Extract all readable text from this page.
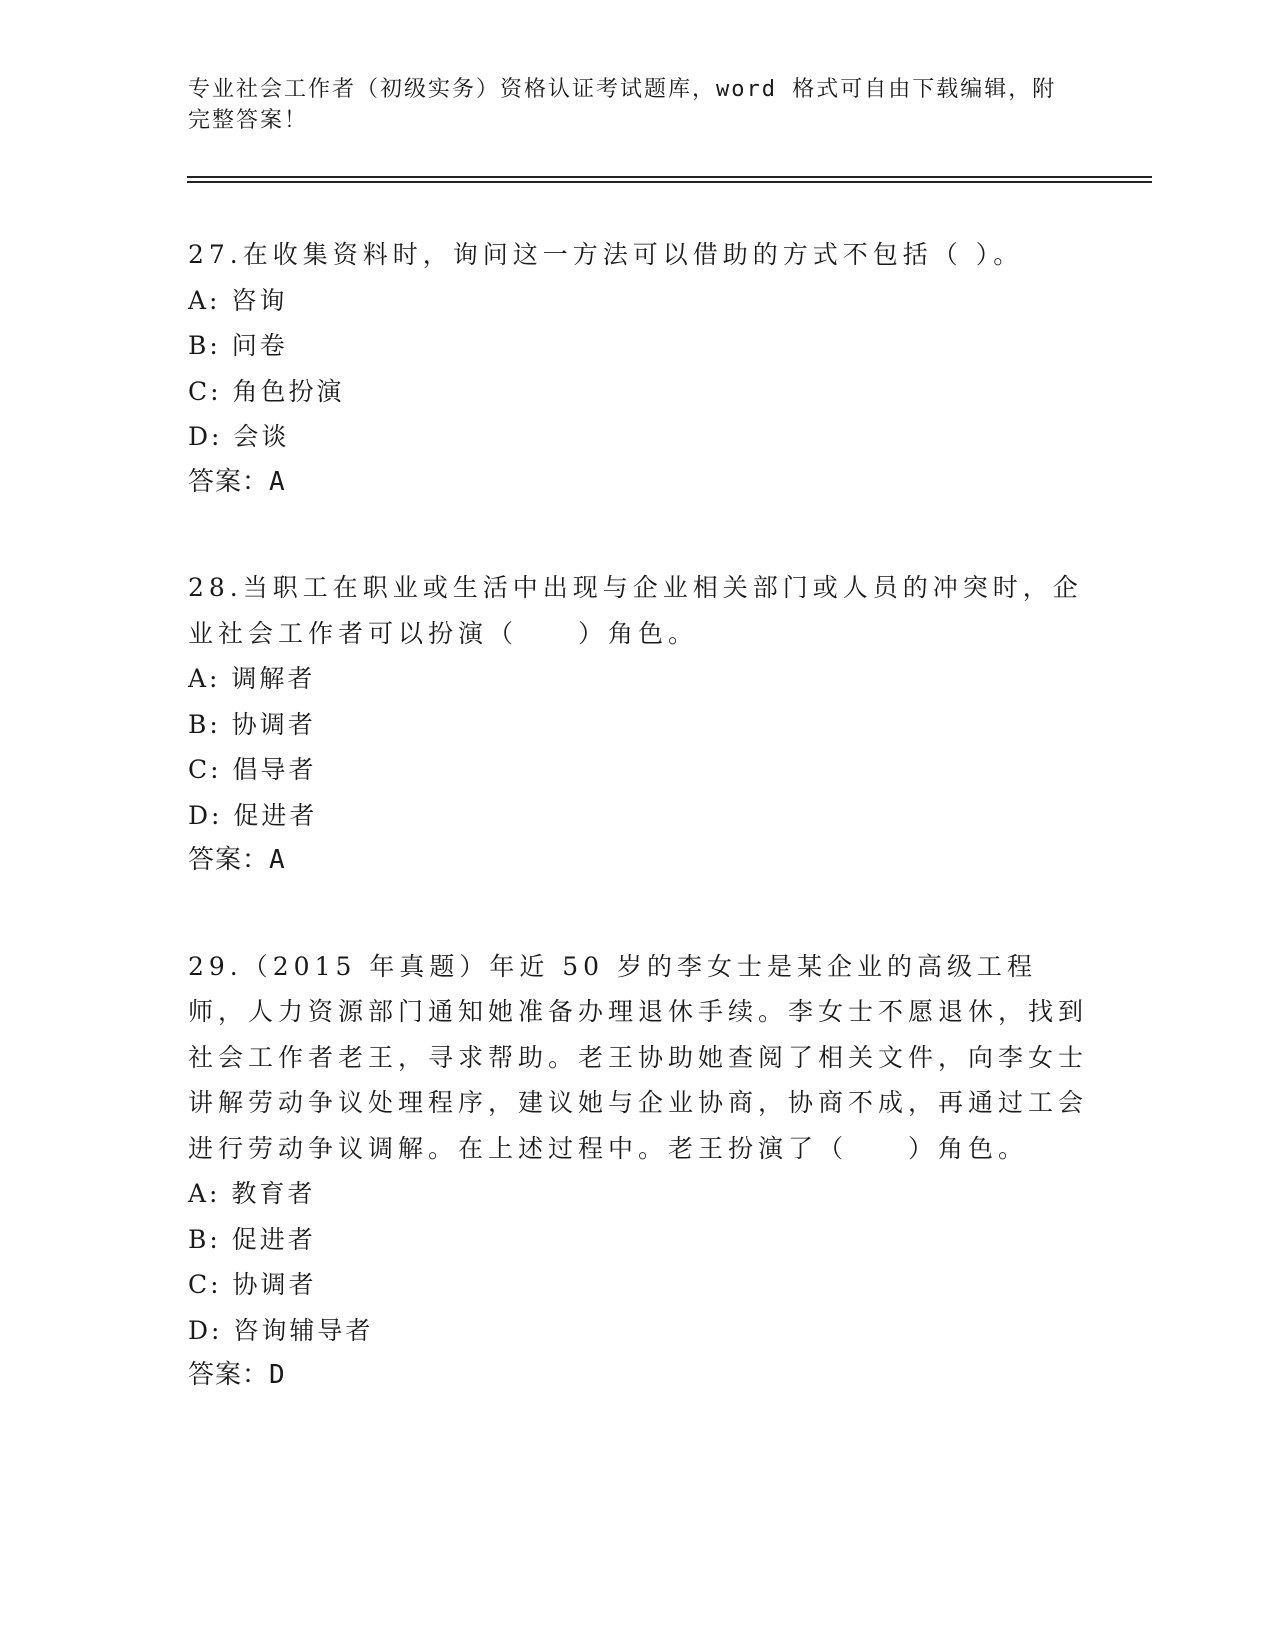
专业社会工作者（初级实务）资格认证考试题库，word 格式可自由下载编辑，附完整答案！
27.在收集资料时，询问这一方法可以借助的方式不包括（ ）。
A: 咨询
B: 问卷
C: 角色扮演
D: 会谈
答案：A
28.当职工在职业或生活中出现与企业相关部门或人员的冲突时，企业社会工作者可以扮演（　　）角色。
A: 调解者
B: 协调者
C: 倡导者
D: 促进者
答案：A
29.（2015 年真题）年近 50 岁的李女士是某企业的高级工程师，人力资源部门通知她准备办理退休手续。李女士不愿退休，找到社会工作者老王，寻求帮助。老王协助她查阅了相关文件，向李女士讲解劳动争议处理程序，建议她与企业协商，协商不成，再通过工会进行劳动争议调解。在上述过程中。老王扮演了（　　）角色。
A: 教育者
B: 促进者
C: 协调者
D: 咨询辅导者
答案：D
